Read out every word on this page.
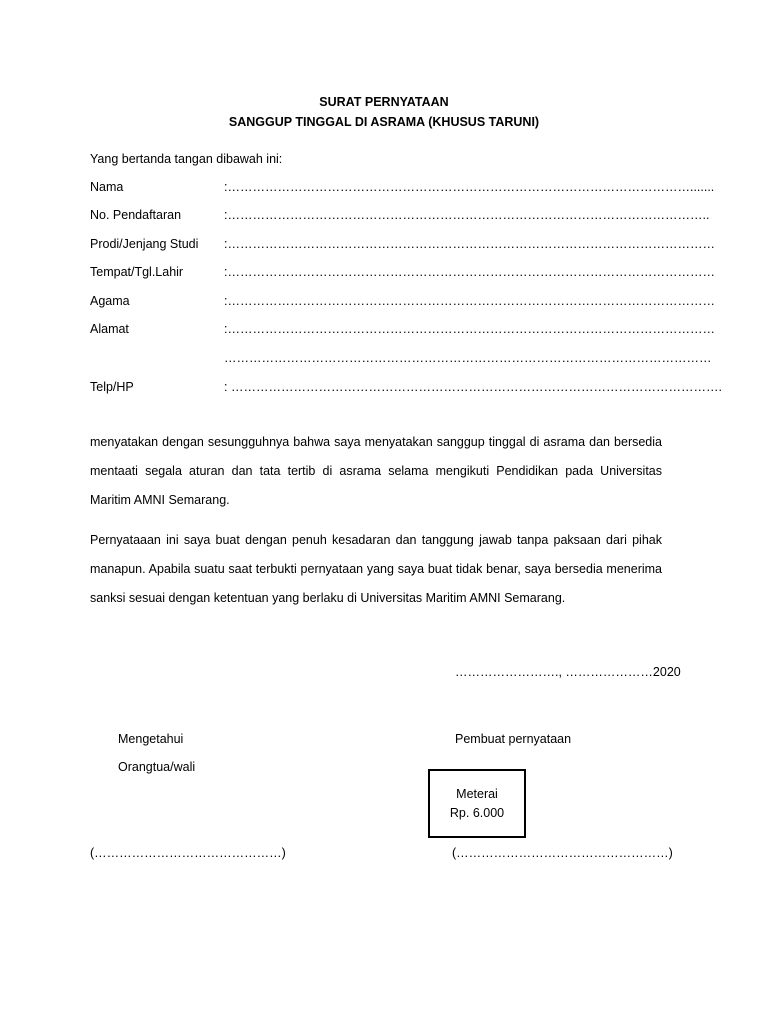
SURAT PERNYATAAN
SANGGUP TINGGAL DI ASRAMA (KHUSUS TARUNI)
Yang bertanda tangan dibawah ini:
Nama	:………………………………………………………………………………………………….......
No. Pendaftaran	:……………………………………………………………………………………………………..
Prodi/Jenjang Studi :………………………………………………………………………………………………………
Tempat/Tgl.Lahir	:………………………………………………………………………………………………………
Agama	:………………………………………………………………………………………………………
Alamat	:………………………………………………………………………………………………………
………………………………………………………………………………………………………
Telp/HP	: ……………………………………………………………………………………………………….
menyatakan dengan sesungguhnya bahwa saya menyatakan sanggup tinggal di asrama dan bersedia mentaati segala aturan dan tata tertib di asrama selama mengikuti Pendidikan pada Universitas Maritim AMNI Semarang.
Pernyataaan ini saya buat dengan penuh kesadaran dan tanggung jawab tanpa paksaan dari pihak manapun. Apabila suatu saat terbukti pernyataan yang saya buat tidak benar, saya bersedia menerima sanksi sesuai dengan ketentuan yang berlaku di Universitas Maritim AMNI Semarang.
……………………., …………………2020
Mengetahui
Orangtua/wali
(………………………………………)
Pembuat pernyataan
Meterai
Rp. 6.000
(……………………………………………)
